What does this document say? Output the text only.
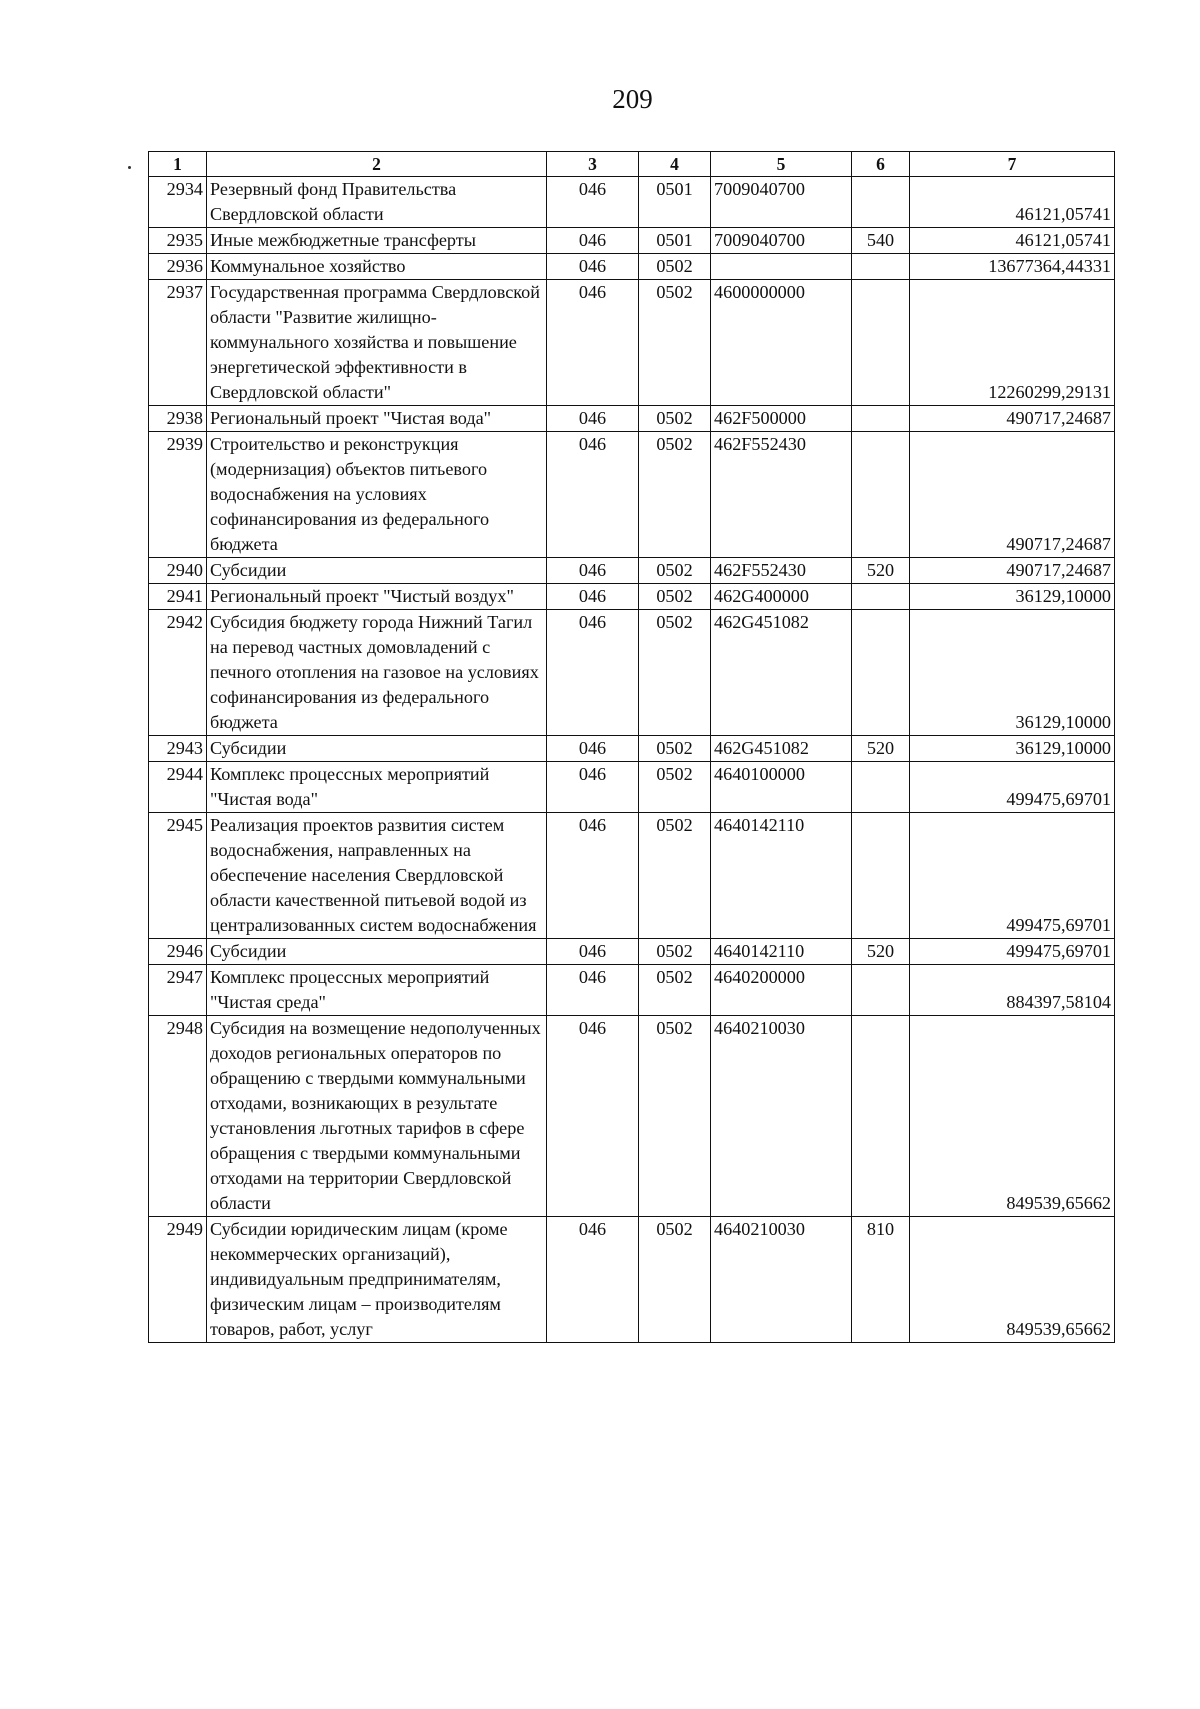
209
1	2	3	4	5	6	7
2934	Резервный фонд Правительства Свердловской области	046	0501	7009040700		46121,05741
2935	Иные межбюджетные трансферты	046	0501	7009040700	540	46121,05741
2936	Коммунальное хозяйство	046	0502			13677364,44331
2937	Государственная программа Свердловской области "Развитие жилищно-коммунального хозяйства и повышение энергетической эффективности в Свердловской области"	046	0502	4600000000		12260299,29131
2938	Региональный проект "Чистая вода"	046	0502	462F500000		490717,24687
2939	Строительство и реконструкция (модернизация) объектов питьевого водоснабжения на условиях софинансирования из федерального бюджета	046	0502	462F552430		490717,24687
2940	Субсидии	046	0502	462F552430	520	490717,24687
2941	Региональный проект "Чистый воздух"	046	0502	462G400000		36129,10000
2942	Субсидия бюджету города Нижний Тагил на перевод частных домовладений с печного отопления на газовое на условиях софинансирования из федерального бюджета	046	0502	462G451082		36129,10000
2943	Субсидии	046	0502	462G451082	520	36129,10000
2944	Комплекс процессных мероприятий "Чистая вода"	046	0502	4640100000		499475,69701
2945	Реализация проектов развития систем водоснабжения, направленных на обеспечение населения Свердловской области качественной питьевой водой из централизованных систем водоснабжения	046	0502	4640142110		499475,69701
2946	Субсидии	046	0502	4640142110	520	499475,69701
2947	Комплекс процессных мероприятий "Чистая среда"	046	0502	4640200000		884397,58104
2948	Субсидия на возмещение недополученных доходов региональных операторов по обращению с твердыми коммунальными отходами, возникающих в результате установления льготных тарифов в сфере обращения с твердыми коммунальными отходами на территории Свердловской области	046	0502	4640210030		849539,65662
2949	Субсидии юридическим лицам (кроме некоммерческих организаций), индивидуальным предпринимателям, физическим лицам – производителям товаров, работ, услуг	046	0502	4640210030	810	849539,65662
